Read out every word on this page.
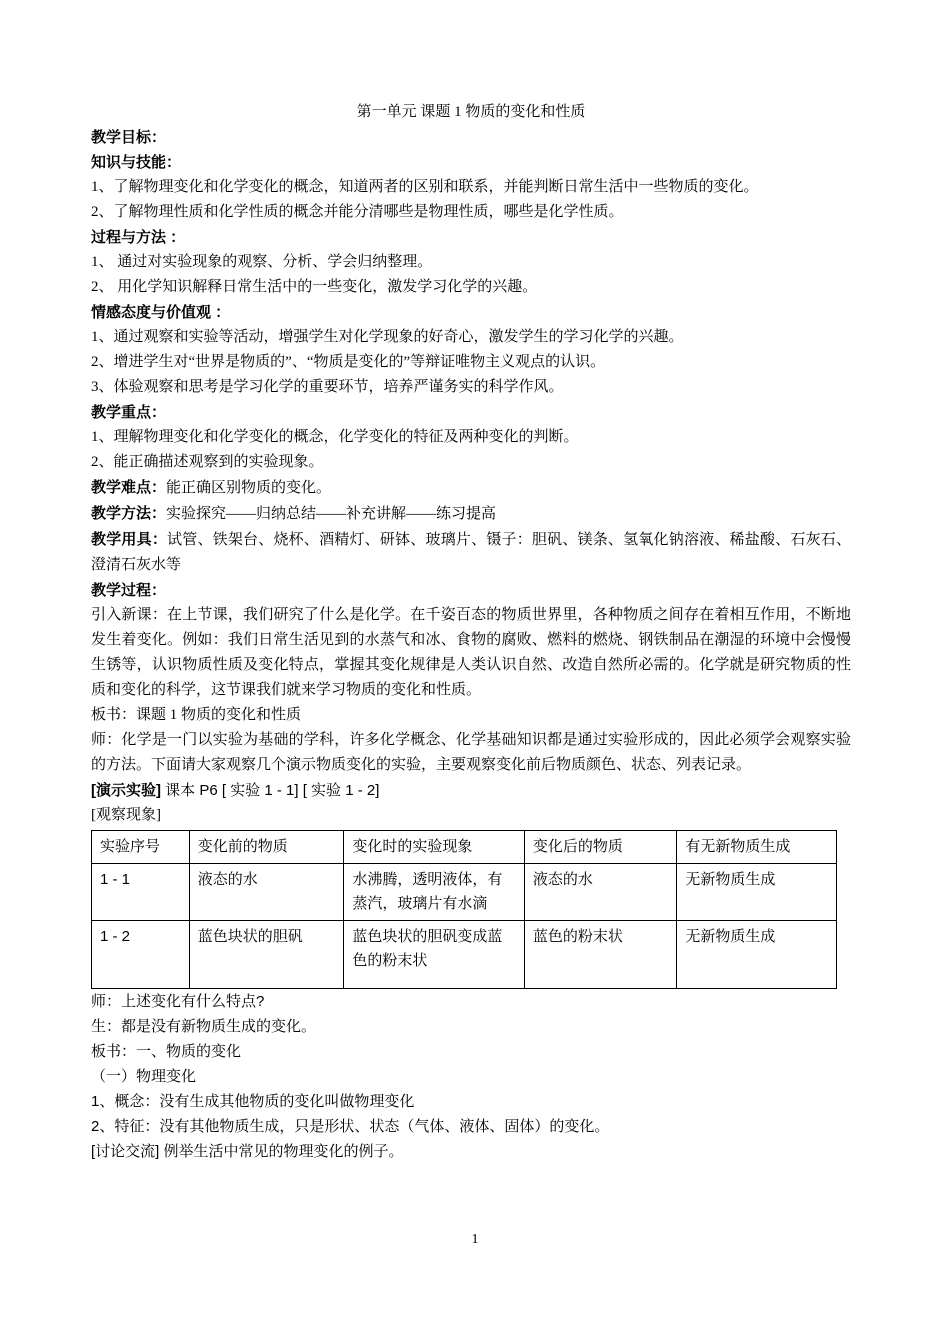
第一单元 课题 1 物质的变化和性质

教学目标：

知识与技能：

1、了解物理变化和化学变化的概念，知道两者的区别和联系，并能判断日常生活中一些物质的变化。

2、了解物理性质和化学性质的概念并能分清哪些是物理性质，哪些是化学性质。

过程与方法 ：

1、 通过对实验现象的观察、分析、学会归纳整理。

2、 用化学知识解释日常生活中的一些变化，激发学习化学的兴趣。

情感态度与价值观 ：

1、通过观察和实验等活动，增强学生对化学现象的好奇心，激发学生的学习化学的兴趣。

2、增进学生对“世界是物质的”、“物质是变化的”等辩证唯物主义观点的认识。

3、体验观察和思考是学习化学的重要环节，培养严谨务实的科学作风。

教学重点：

1、理解物理变化和化学变化的概念，化学变化的特征及两种变化的判断。

2、能正确描述观察到的实验现象。

教学难点：能正确区别物质的变化。

教学方法：实验探究——归纳总结——补充讲解——练习提高

教学用具：试管、铁架台、烧杯、酒精灯、研钵、玻璃片、镊子：胆矾、镁条、氢氧化钠溶液、稀盐酸、石灰石、澄清石灰水等

教学过程：

引入新课：在上节课，我们研究了什么是化学。在千姿百态的物质世界里，各种物质之间存在着相互作用，不断地发生着变化。例如：我们日常生活见到的水蒸气和冰、食物的腐败、燃料的燃烧、钢铁制品在潮湿的环境中会慢慢生锈等，认识物质性质及变化特点，掌握其变化规律是人类认识自然、改造自然所必需的。化学就是研究物质的性质和变化的科学，这节课我们就来学习物质的变化和性质。

板书：课题 1 物质的变化和性质

师：化学是一门以实验为基础的学科，许多化学概念、化学基础知识都是通过实验形成的，因此必须学会观察实验的方法。下面请大家观察几个演示物质变化的实验，主要观察变化前后物质颜色、状态、列表记录。

[演示实验] 课本 P6 [ 实验 1 - 1] [ 实验 1 - 2]

[观察现象]

实验序号	变化前的物质	变化时的实验现象	变化后的物质	有无新物质生成
1 - 1	液态的水	水沸腾，透明液体，有蒸汽，玻璃片有水滴	液态的水	无新物质生成
1 - 2	蓝色块状的胆矾	蓝色块状的胆矾变成蓝色的粉末状	蓝色的粉末状	无新物质生成

师：上述变化有什么特点?

生：都是没有新物质生成的变化。

板书：一、物质的变化

（一）物理变化

1、概念：没有生成其他物质的变化叫做物理变化

2、特征：没有其他物质生成，只是形状、状态（气体、液体、固体）的变化。

[讨论交流] 例举生活中常见的物理变化的例子。

1
